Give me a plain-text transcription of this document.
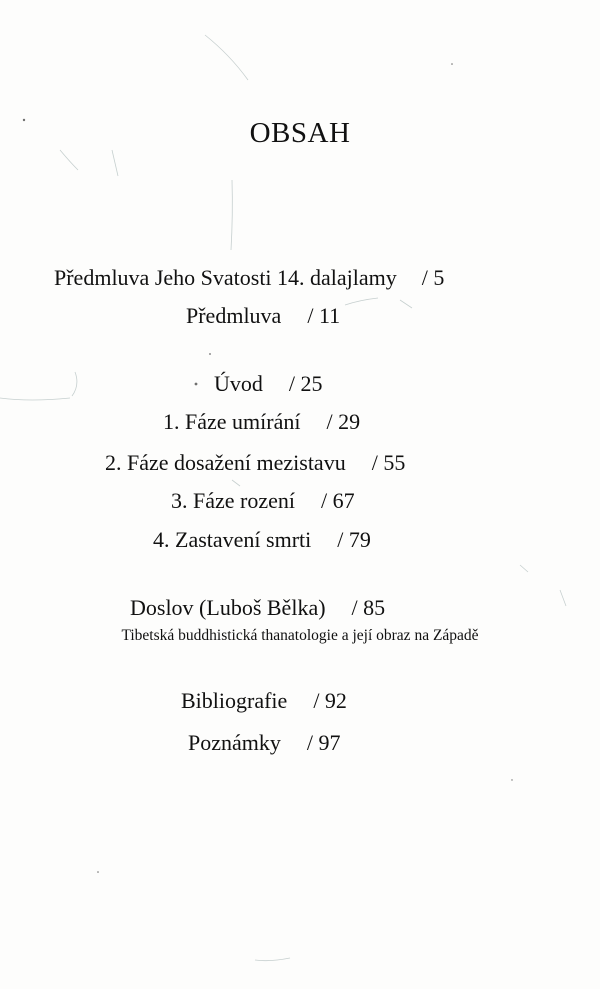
OBSAH
Předmluva Jeho Svatosti 14. dalajlamy / 5
Předmluva / 11
Úvod / 25
1. Fáze umírání / 29
2. Fáze dosažení mezistavu / 55
3. Fáze rození / 67
4. Zastavení smrti / 79
Doslov (Luboš Bělka) / 85
Tibetská buddhistická thanatologie a její obraz na Západě
Bibliografie / 92
Poznámky / 97
